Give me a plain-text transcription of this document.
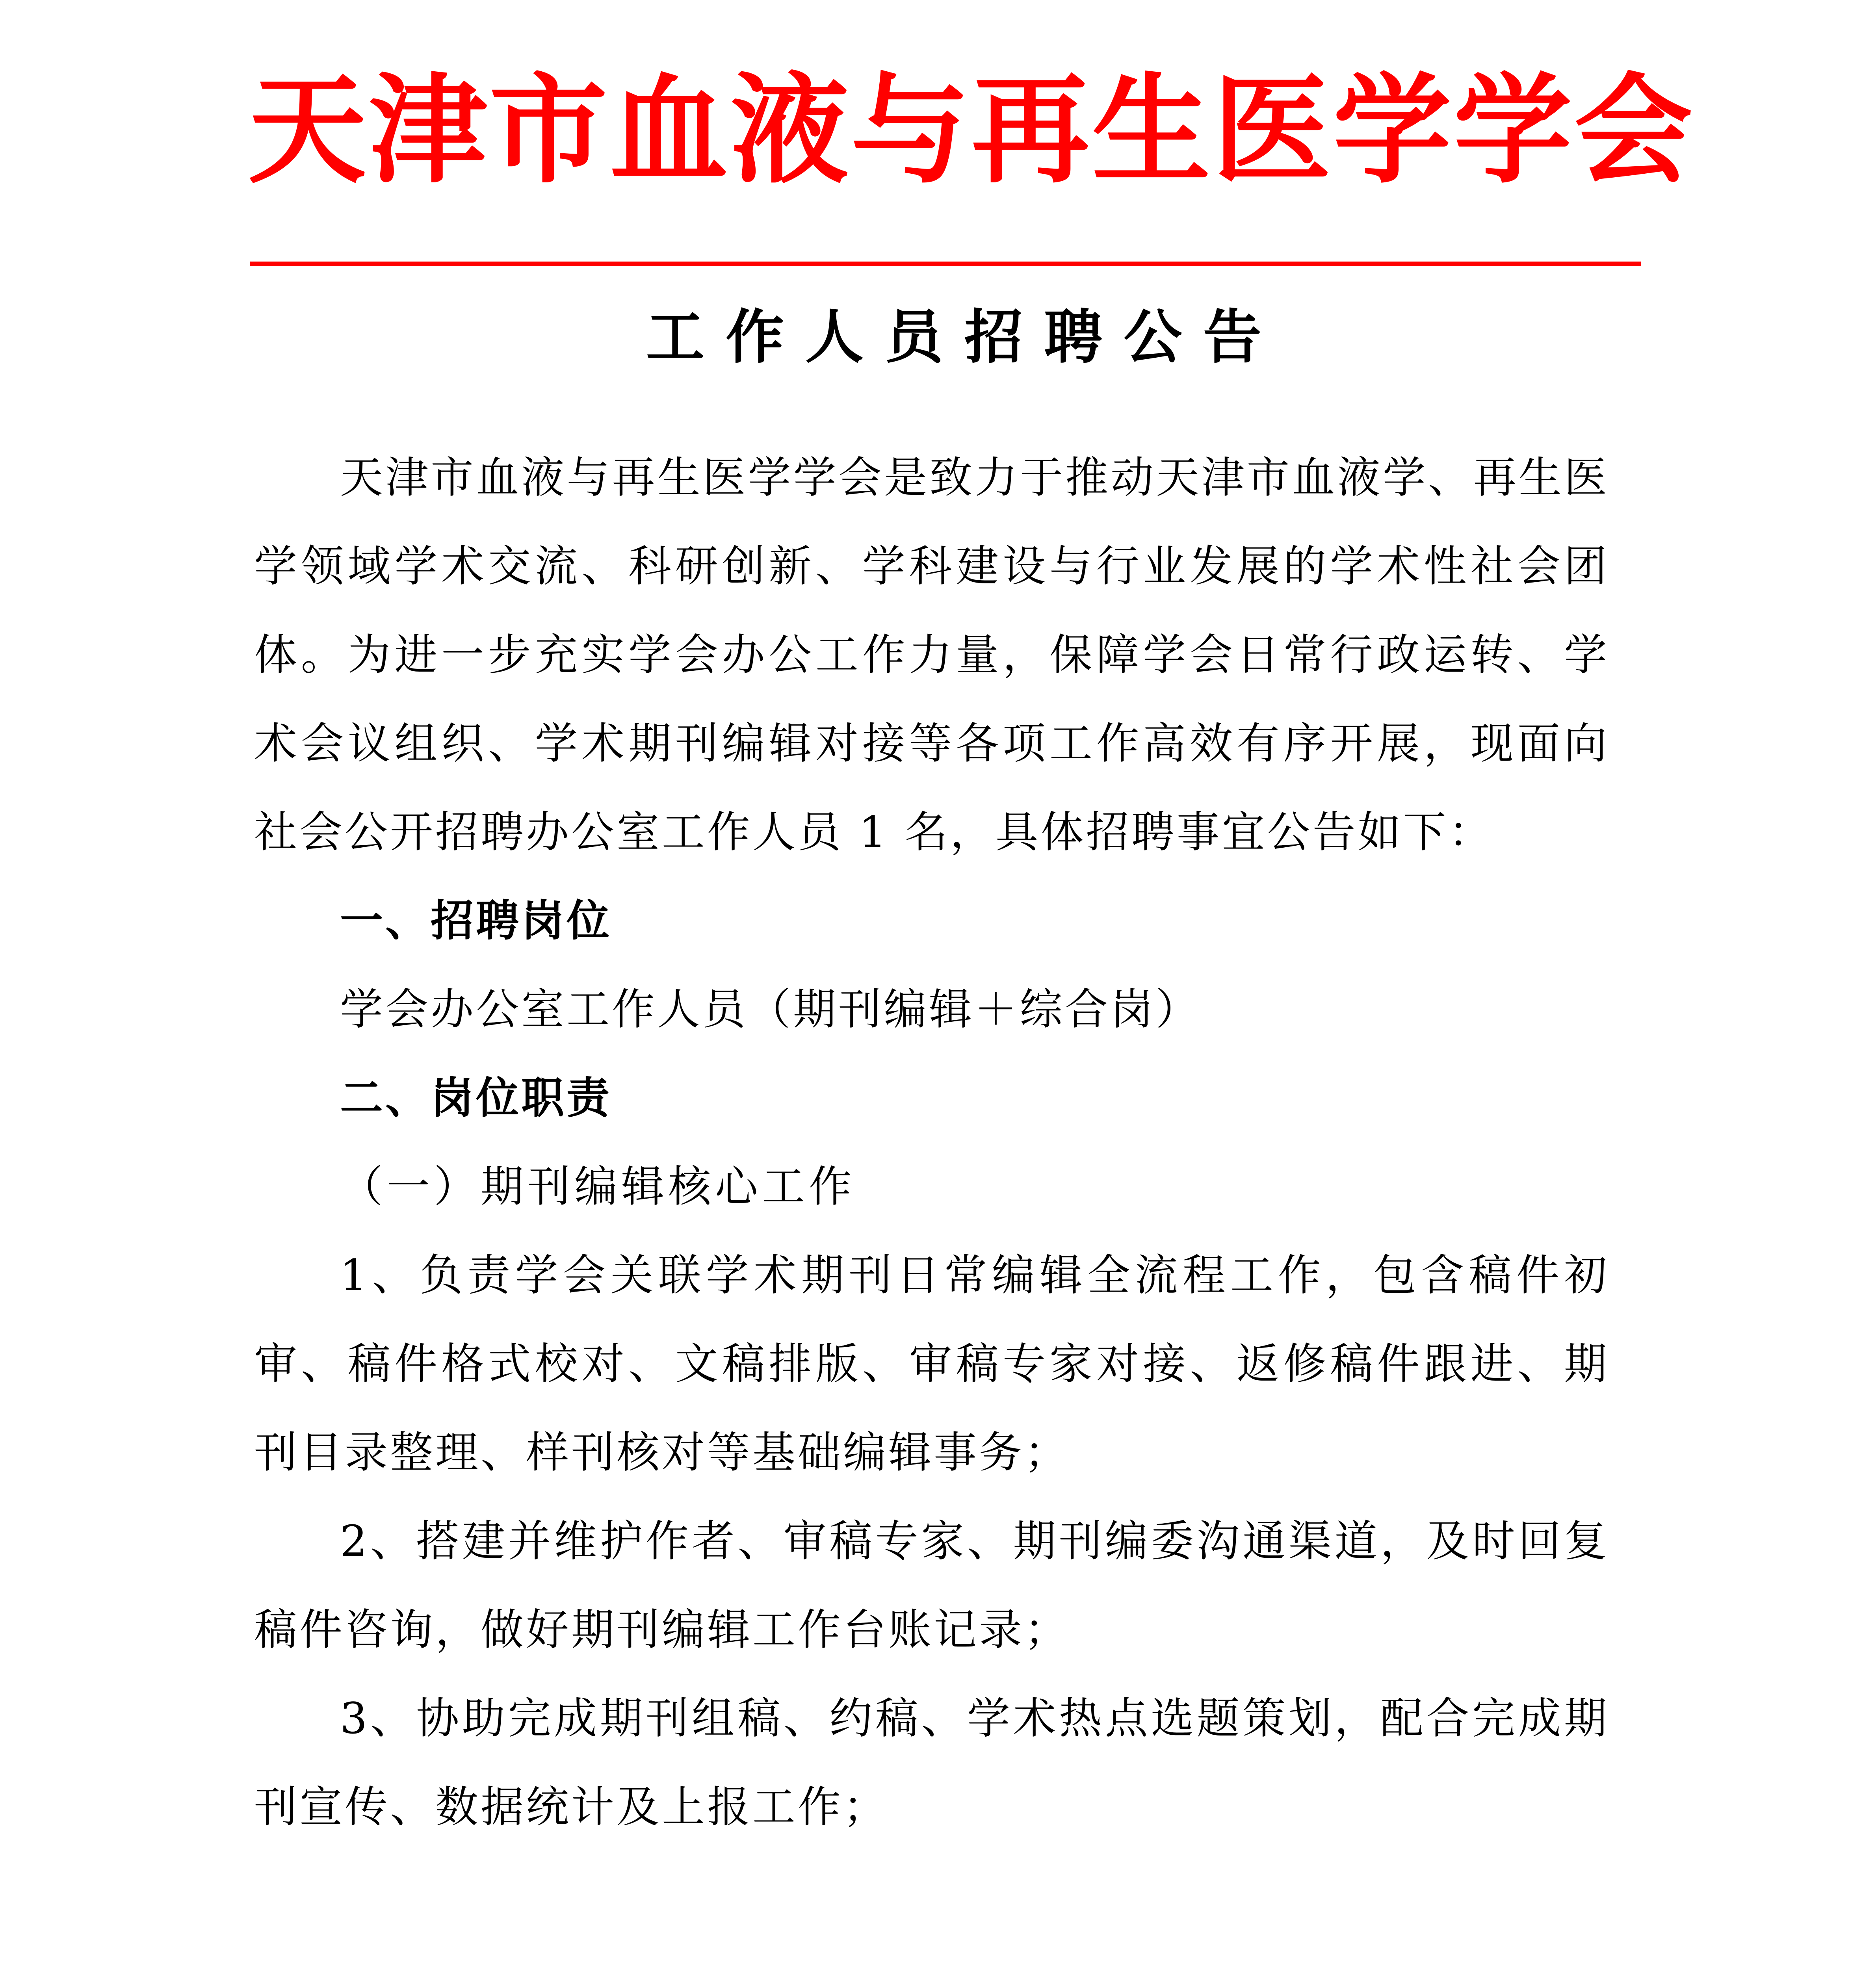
天津市血液与再生医学学会
工作人员招聘公告

天津市血液与再生医学学会是致力于推动天津市血液学、再生医学领域学术交流、科研创新、学科建设与行业发展的学术性社会团体。为进一步充实学会办公工作力量，保障学会日常行政运转、学术会议组织、学术期刊编辑对接等各项工作高效有序开展，现面向社会公开招聘办公室工作人员 1 名，具体招聘事宜公告如下：

一、招聘岗位

学会办公室工作人员（期刊编辑＋综合岗）

二、岗位职责

（一）期刊编辑核心工作

1、负责学会关联学术期刊日常编辑全流程工作，包含稿件初审、稿件格式校对、文稿排版、审稿专家对接、返修稿件跟进、期刊目录整理、样刊核对等基础编辑事务；

2、搭建并维护作者、审稿专家、期刊编委沟通渠道，及时回复稿件咨询，做好期刊编辑工作台账记录；

3、协助完成期刊组稿、约稿、学术热点选题策划，配合完成期刊宣传、数据统计及上报工作；
